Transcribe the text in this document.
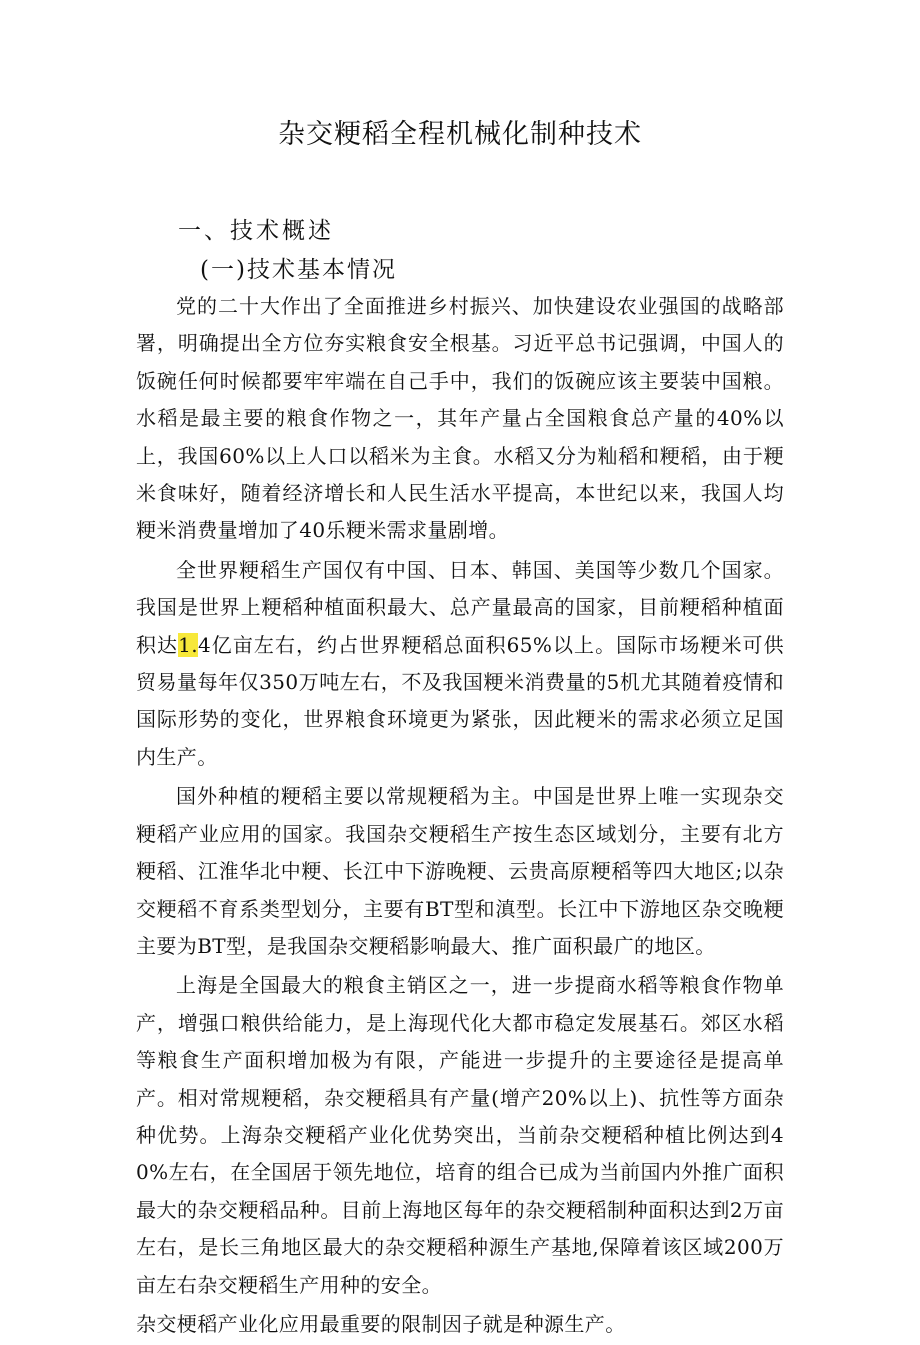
杂交粳稻全程机械化制种技术
一、技术概述
(一)技术基本情况

党的二十大作出了全面推进乡村振兴、加快建设农业强国的战略部署，明确提出全方位夯实粮食安全根基。习近平总书记强调，中国人的饭碗任何时候都要牢牢端在自己手中，我们的饭碗应该主要装中国粮。水稻是最主要的粮食作物之一，其年产量占全国粮食总产量的40%以上，我国60%以上人口以稻米为主食。水稻又分为籼稻和粳稻，由于粳米食味好，随着经济增长和人民生活水平提高，本世纪以来，我国人均粳米消费量增加了40乐粳米需求量剧增。

全世界粳稻生产国仅有中国、日本、韩国、美国等少数几个国家。我国是世界上粳稻种植面积最大、总产量最高的国家，目前粳稻种植面积达1.4亿亩左右，约占世界粳稻总面积65%以上。国际市场粳米可供贸易量每年仅350万吨左右，不及我国粳米消费量的5机尤其随着疫情和国际形势的变化，世界粮食环境更为紧张，因此粳米的需求必须立足国内生产。

国外种植的粳稻主要以常规粳稻为主。中国是世界上唯一实现杂交粳稻产业应用的国家。我国杂交粳稻生产按生态区域划分，主要有北方粳稻、江淮华北中粳、长江中下游晚粳、云贵高原粳稻等四大地区;以杂交粳稻不育系类型划分，主要有BT型和滇型。长江中下游地区杂交晚粳主要为BT型，是我国杂交粳稻影响最大、推广面积最广的地区。

上海是全国最大的粮食主销区之一，进一步提商水稻等粮食作物单产，增强口粮供给能力，是上海现代化大都市稳定发展基石。郊区水稻等粮食生产面积增加极为有限，产能进一步提升的主要途径是提高单产。相对常规粳稻，杂交粳稻具有产量(增产20%以上)、抗性等方面杂种优势。上海杂交粳稻产业化优势突出，当前杂交粳稻种植比例达到40%左右，在全国居于领先地位，培育的组合已成为当前国内外推广面积最大的杂交粳稻品种。目前上海地区每年的杂交粳稻制种面积达到2万亩左右，是长三角地区最大的杂交粳稻种源生产基地,保障着该区域200万亩左右杂交粳稻生产用种的安全。

杂交梗稻产业化应用最重要的限制因子就是种源生产。
